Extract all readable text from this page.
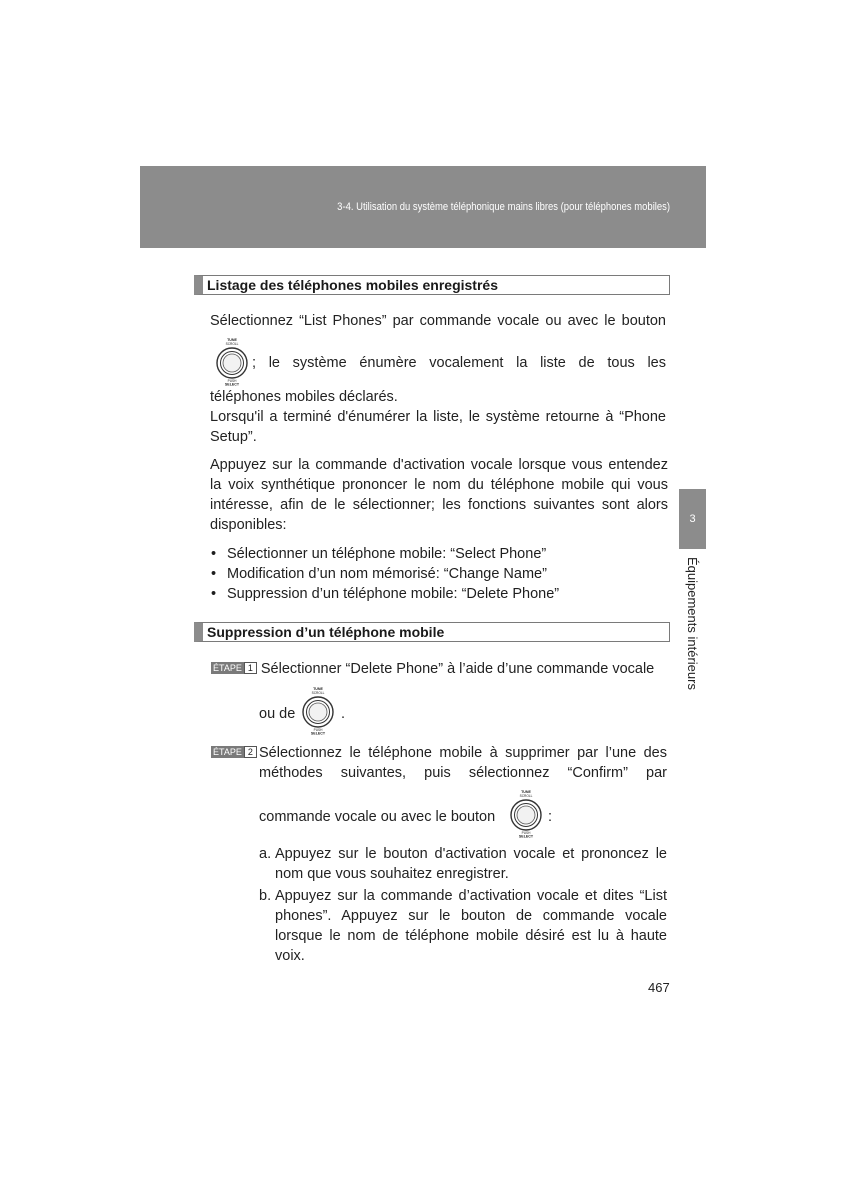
3-4. Utilisation du système téléphonique mains libres (pour téléphones mobiles)
3
Équipements intérieurs
Listage des téléphones mobiles enregistrés
Sélectionnez “List Phones” par commande vocale ou avec le bouton
TUNE
SCROLL
PUSH
SELECT
; le système énumère vocalement la liste de tous les
téléphones mobiles déclarés.
Lorsqu'il a terminé d'énumérer la liste, le système retourne à “Phone
Setup”.
Appuyez sur la commande d'activation vocale lorsque vous entendez la voix synthétique prononcer le nom du téléphone mobile qui vous intéresse, afin de le sélectionner; les fonctions suivantes sont alors disponibles:
• Sélectionner un téléphone mobile: “Select Phone”
• Modification d’un nom mémorisé: “Change Name”
• Suppression d’un téléphone mobile: “Delete Phone”
Suppression d’un téléphone mobile
ÉTAPE 1 Sélectionner “Delete Phone” à l’aide d’une commande vocale
ou de
TUNE
SCROLL
PUSH
SELECT
.
ÉTAPE 2 Sélectionnez le téléphone mobile à supprimer par l’une des
méthodes suivantes, puis sélectionnez “Confirm” par
commande vocale ou avec le bouton
TUNE
SCROLL
PUSH
SELECT
:
a. Appuyez sur le bouton d'activation vocale et prononcez le nom que vous souhaitez enregistrer.
b. Appuyez sur la commande d’activation vocale et dites “List phones”. Appuyez sur le bouton de commande vocale lorsque le nom de téléphone mobile désiré est lu à haute voix.
467
